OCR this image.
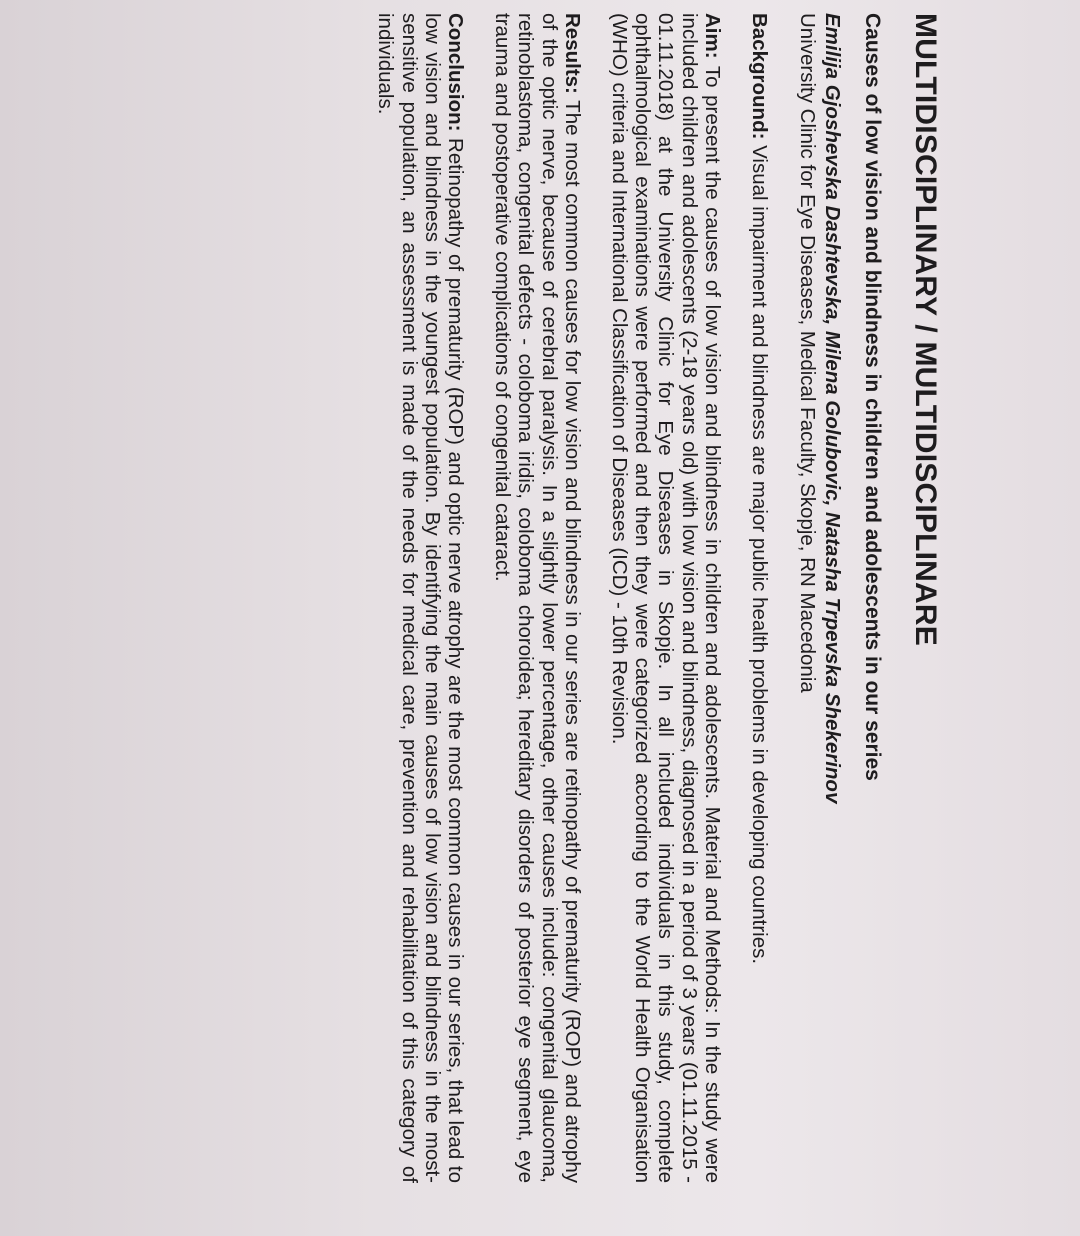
MULTIDISCIPLINARY / MULTIDISCIPLINARE
Causes of low vision and blindness in children and adolescents in our series
Emilija Gjoshevska Dashtevska, Milena Golubovic, Natasha Trpevska Shekerinov
University Clinic for Eye Diseases, Medical Faculty, Skopje, RN Macedonia

Background: Visual impairment and blindness are major public health problems in developing countries.

Aim: To present the causes of low vision and blindness in children and adolescents. Material and Methods: In the study were included children and adolescents (2-18 years old) with low vision and blindness, diagnosed in a period of 3 years (01.11.2015 - 01.11.2018) at the University Clinic for Eye Diseases in Skopje. In all included individuals in this study, complete ophthalmological examinations were performed and then they were categorized according to the World Health Organisation (WHO) criteria and International Classification of Diseases (ICD) - 10th Revision.

Results: The most common causes for low vision and blindness in our series are retinopathy of prematurity (ROP) and atrophy of the optic nerve, because of cerebral paralysis. In a slightly lower percentage, other causes include: congenital glaucoma, retinoblastoma, congenital defects - coloboma iridis, coloboma choroidea; hereditary disorders of posterior eye segment, eye trauma and postoperative complications of congenital cataract.

Conclusion: Retinopathy of prematurity (ROP) and optic nerve atrophy are the most common causes in our series, that lead to low vision and blindness in the youngest population. By identifying the main causes of low vision and blindness in the most-sensitive population, an assessment is made of the needs for medical care, prevention and rehabilitation of this category of individuals.
